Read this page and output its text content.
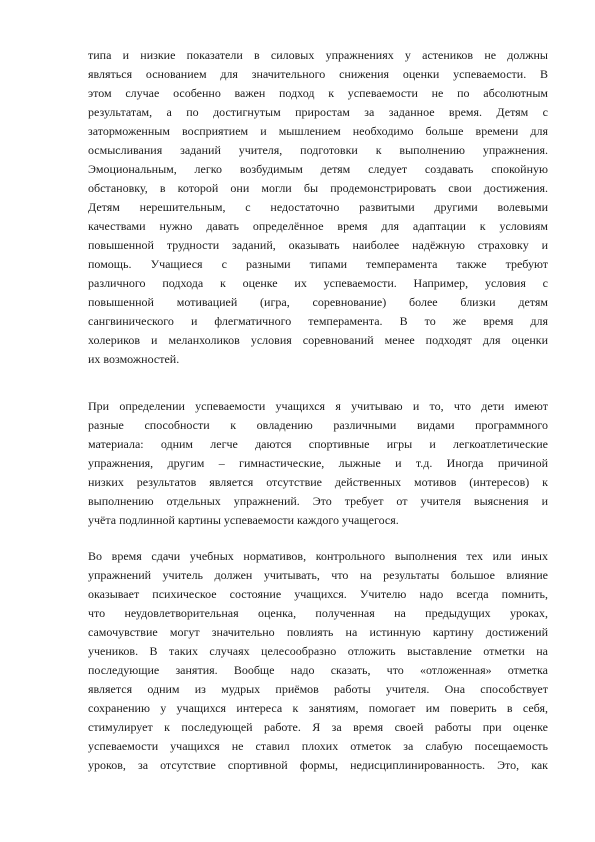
типа и низкие показатели в силовых упражнениях у астеников не должны
являться основанием для значительного снижения оценки успеваемости. В
этом случае особенно важен подход к успеваемости не по абсолютным
результатам, а по достигнутым приростам за заданное время. Детям с
заторможенным восприятием и мышлением необходимо больше времени для
осмысливания заданий учителя, подготовки к выполнению упражнения.
Эмоциональным, легко возбудимым детям следует создавать спокойную
обстановку, в которой они могли бы продемонстрировать свои достижения.
Детям нерешительным, с недостаточно развитыми другими волевыми
качествами нужно давать определённое время для адаптации к условиям
повышенной трудности заданий, оказывать наиболее надёжную страховку и
помощь. Учащиеся с разными типами темперамента также требуют
различного подхода к оценке их успеваемости. Например, условия с
повышенной мотивацией (игра, соревнование) более близки детям
сангвинического и флегматичного темперамента. В то же время для
холериков и меланхоликов условия соревнований менее подходят для оценки
их возможностей.
При определении успеваемости учащихся я учитываю и то, что дети имеют
разные способности к овладению различными видами программного
материала: одним легче даются спортивные игры и легкоатлетические
упражнения, другим – гимнастические, лыжные и т.д. Иногда причиной
низких результатов является отсутствие действенных мотивов (интересов) к
выполнению отдельных упражнений. Это требует от учителя выяснения и
учёта подлинной картины успеваемости каждого учащегося.
Во время сдачи учебных нормативов, контрольного выполнения тех или иных
упражнений учитель должен учитывать, что на результаты большое влияние
оказывает психическое состояние учащихся. Учителю надо всегда помнить,
что неудовлетворительная оценка, полученная на предыдущих уроках,
самочувствие могут значительно повлиять на истинную картину достижений
учеников. В таких случаях целесообразно отложить выставление отметки на
последующие занятия. Вообще надо сказать, что «отложенная» отметка
является одним из мудрых приёмов работы учителя. Она способствует
сохранению у учащихся интереса к занятиям, помогает им поверить в себя,
стимулирует к последующей работе. Я за время своей работы при оценке
успеваемости учащихся не ставил плохих отметок за слабую посещаемость
уроков, за отсутствие спортивной формы, недисциплинированность. Это, как
